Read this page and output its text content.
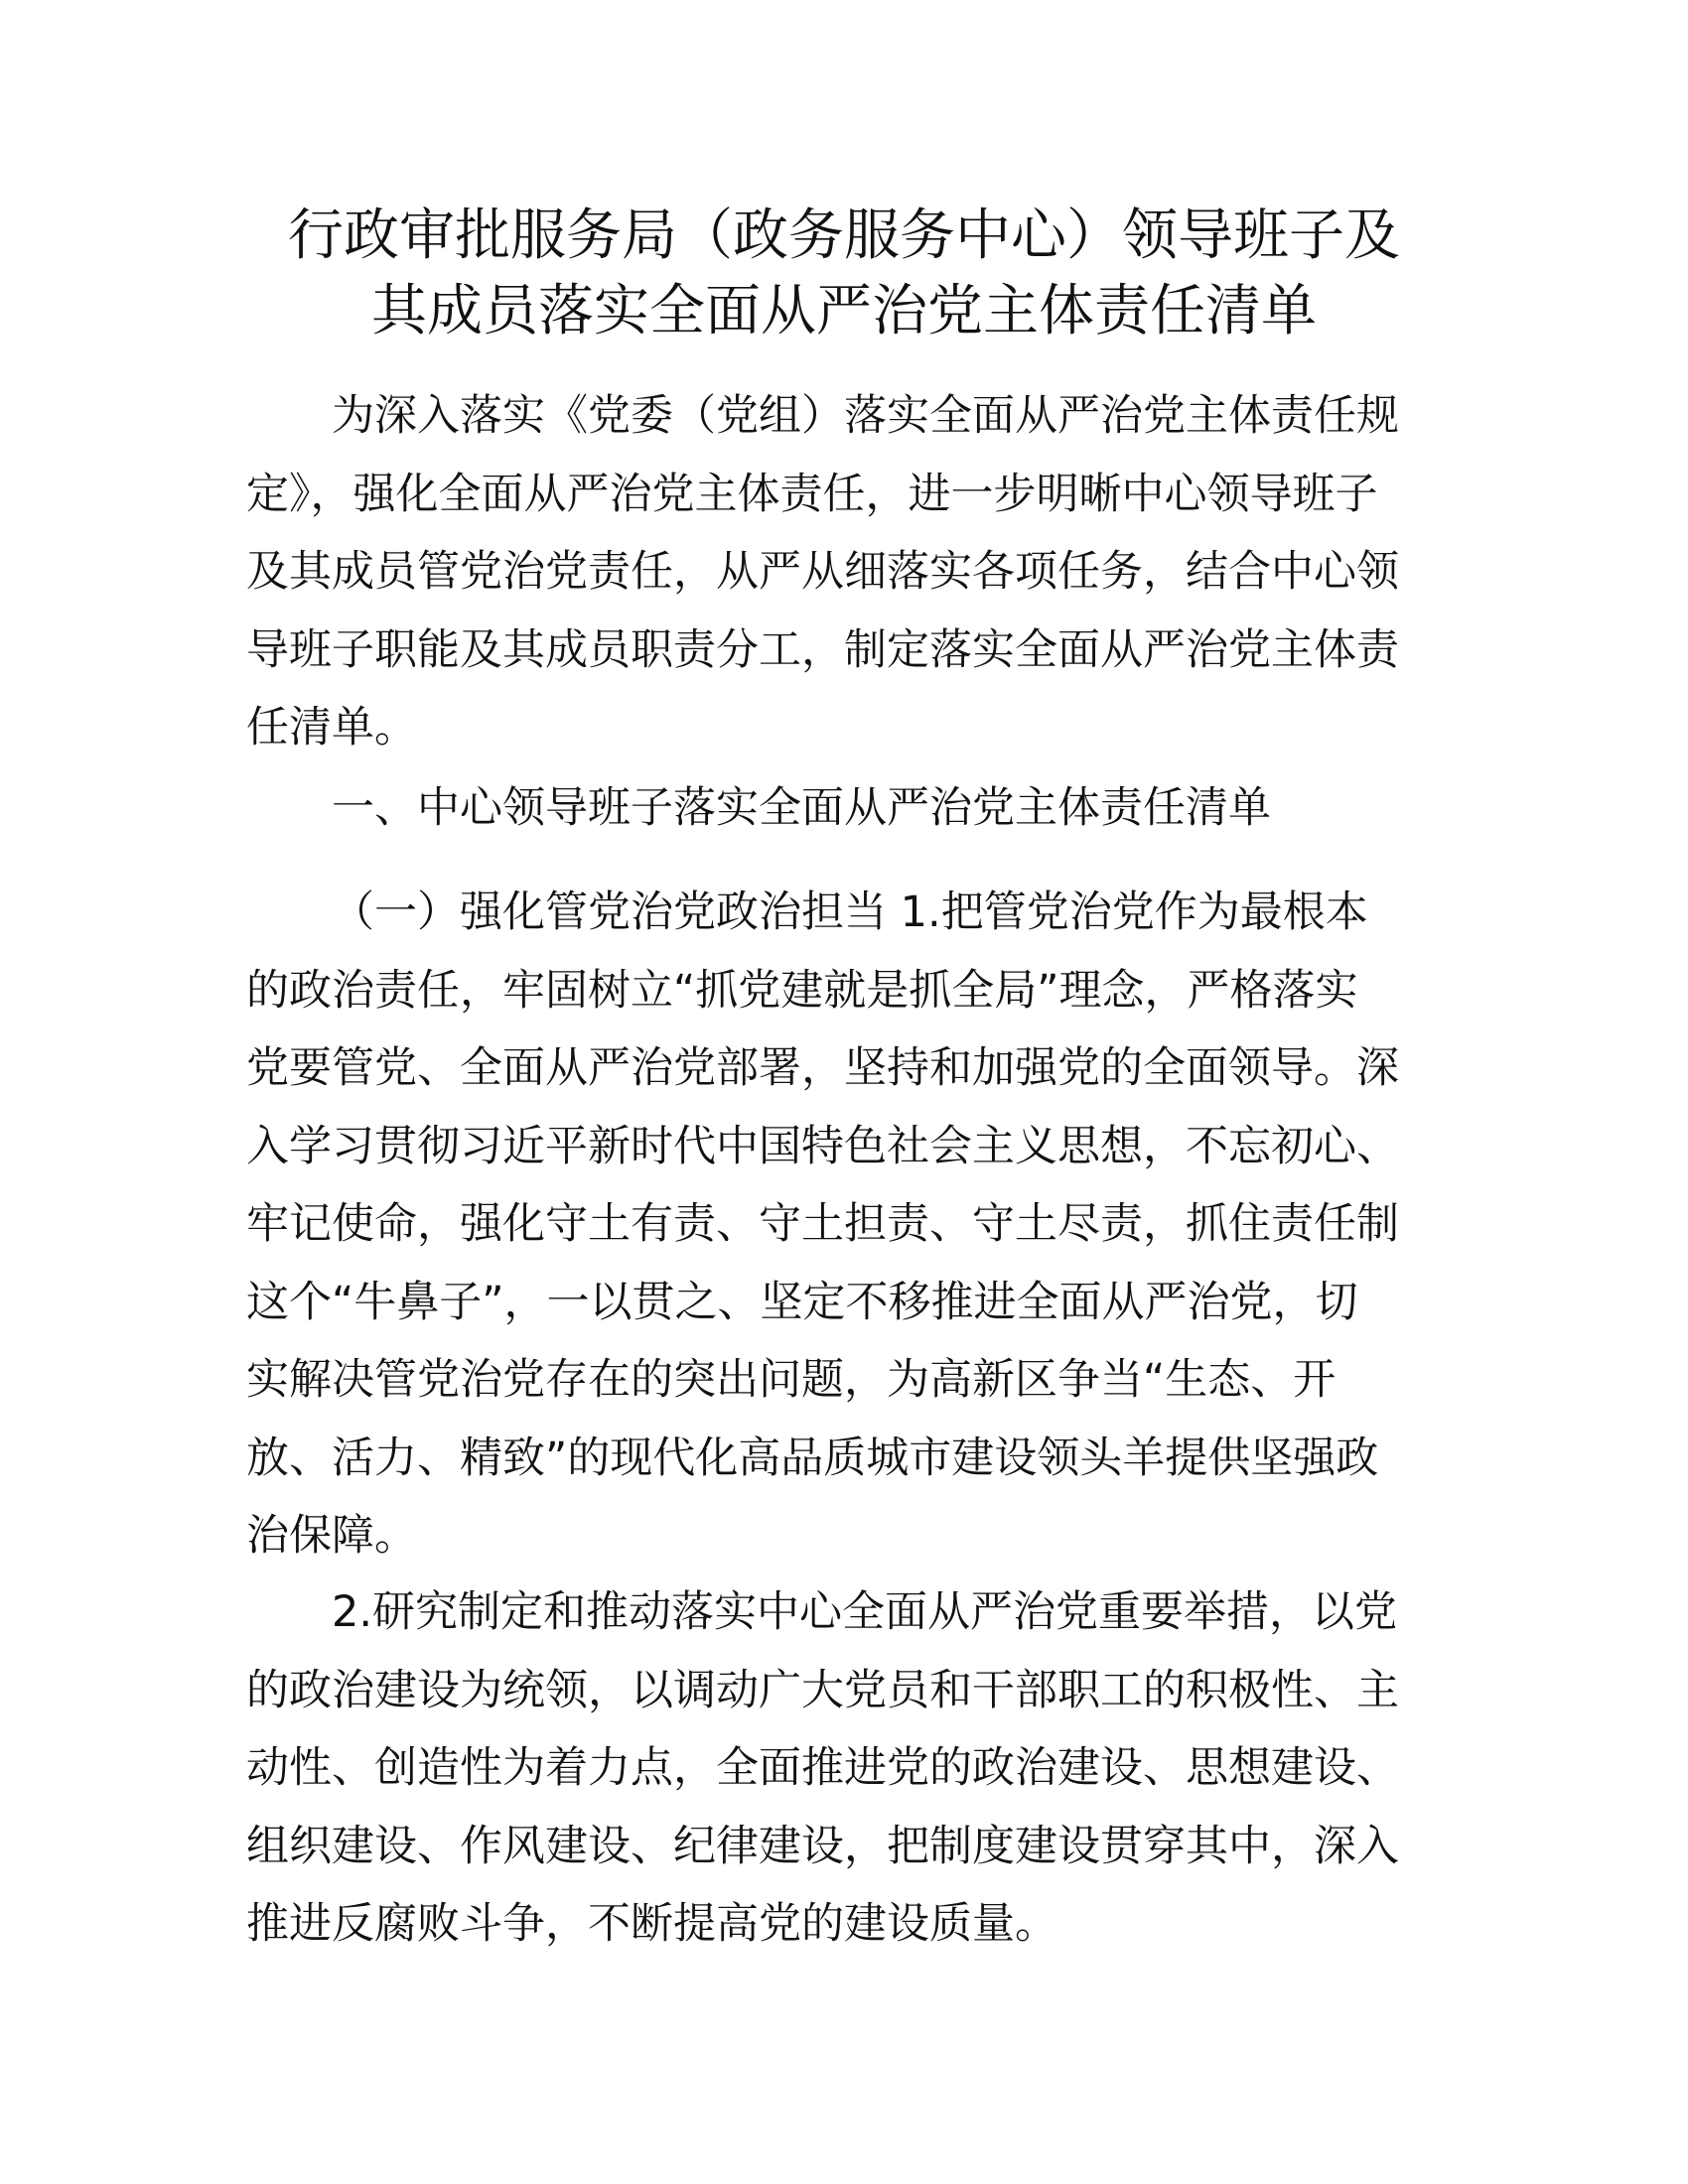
行政审批服务局（政务服务中心）领导班子及
其成员落实全面从严治党主体责任清单

为深入落实《党委（党组）落实全面从严治党主体责任规
定》，强化全面从严治党主体责任，进一步明晰中心领导班子
及其成员管党治党责任，从严从细落实各项任务，结合中心领
导班子职能及其成员职责分工，制定落实全面从严治党主体责
任清单。

一、中心领导班子落实全面从严治党主体责任清单

（一）强化管党治党政治担当 1.把管党治党作为最根本
的政治责任，牢固树立“抓党建就是抓全局”理念，严格落实
党要管党、全面从严治党部署，坚持和加强党的全面领导。深
入学习贯彻习近平新时代中国特色社会主义思想，不忘初心、
牢记使命，强化守土有责、守土担责、守土尽责，抓住责任制
这个“牛鼻子”，一以贯之、坚定不移推进全面从严治党，切
实解决管党治党存在的突出问题，为高新区争当“生态、开
放、活力、精致”的现代化高品质城市建设领头羊提供坚强政
治保障。

2.研究制定和推动落实中心全面从严治党重要举措，以党
的政治建设为统领，以调动广大党员和干部职工的积极性、主
动性、创造性为着力点，全面推进党的政治建设、思想建设、
组织建设、作风建设、纪律建设，把制度建设贯穿其中，深入
推进反腐败斗争，不断提高党的建设质量。
